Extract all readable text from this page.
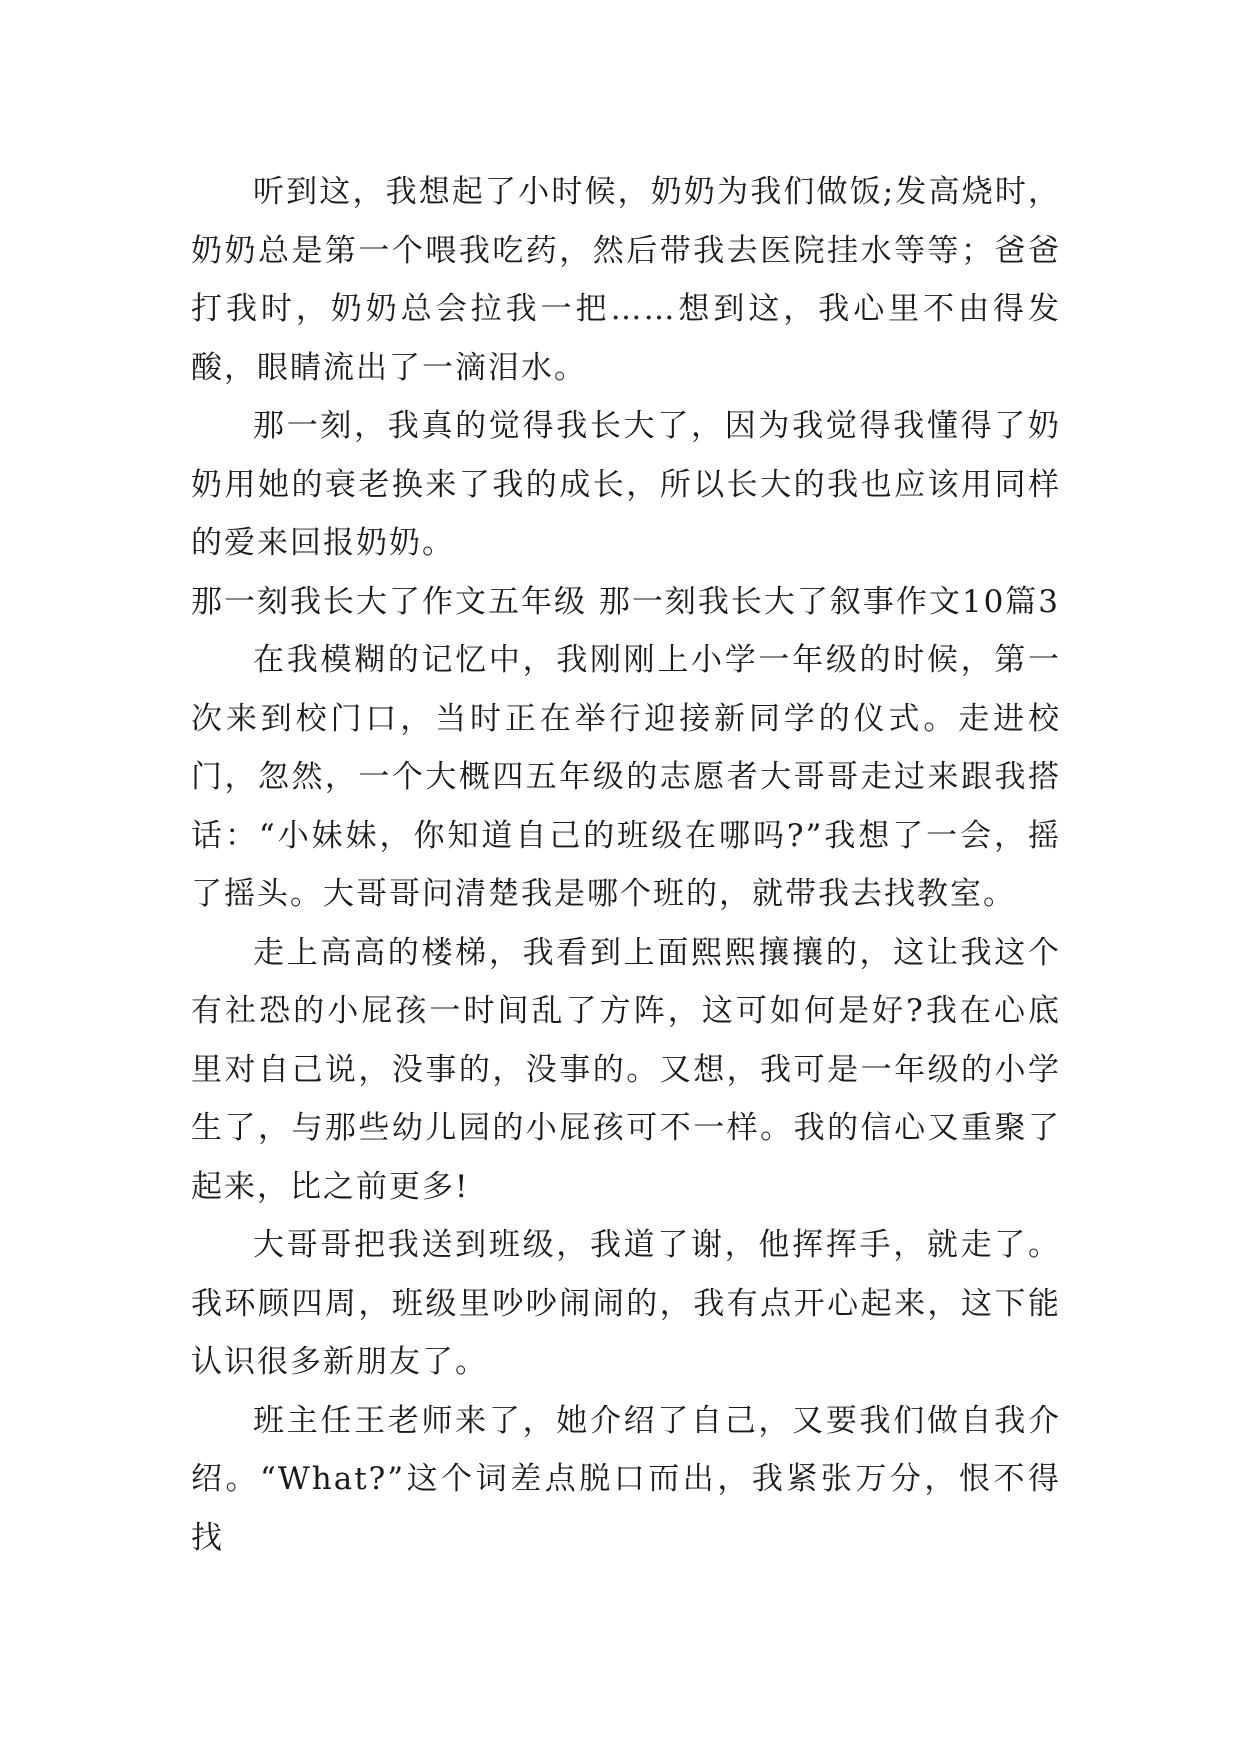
听到这，我想起了小时候，奶奶为我们做饭;发高烧时，奶奶总是第一个喂我吃药，然后带我去医院挂水等等；爸爸打我时，奶奶总会拉我一把……想到这，我心里不由得发酸，眼睛流出了一滴泪水。

那一刻，我真的觉得我长大了，因为我觉得我懂得了奶奶用她的衰老换来了我的成长，所以长大的我也应该用同样的爱来回报奶奶。

那一刻我长大了作文五年级 那一刻我长大了叙事作文10篇3

在我模糊的记忆中，我刚刚上小学一年级的时候，第一次来到校门口，当时正在举行迎接新同学的仪式。走进校门，忽然，一个大概四五年级的志愿者大哥哥走过来跟我搭话：“小妹妹，你知道自己的班级在哪吗?”我想了一会，摇了摇头。大哥哥问清楚我是哪个班的，就带我去找教室。

走上高高的楼梯，我看到上面熙熙攘攘的，这让我这个有社恐的小屁孩一时间乱了方阵，这可如何是好?我在心底里对自己说，没事的，没事的。又想，我可是一年级的小学生了，与那些幼儿园的小屁孩可不一样。我的信心又重聚了起来，比之前更多!

大哥哥把我送到班级，我道了谢，他挥挥手，就走了。我环顾四周，班级里吵吵闹闹的，我有点开心起来，这下能认识很多新朋友了。

班主任王老师来了，她介绍了自己，又要我们做自我介绍。“What?”这个词差点脱口而出，我紧张万分，恨不得找
